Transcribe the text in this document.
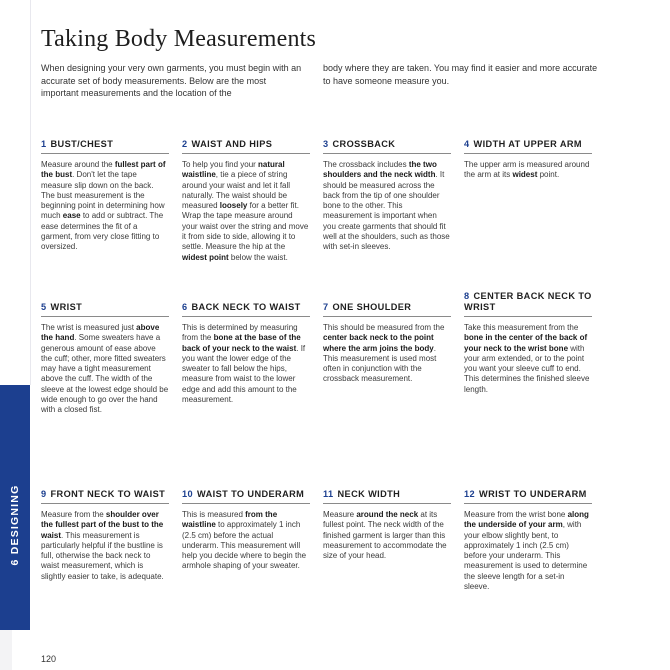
6 DESIGNING
Taking Body Measurements
When designing your very own garments, you must begin with an accurate set of body measurements. Below are the most important measurements and the location of the
body where they are taken. You may find it easier and more accurate to have someone measure you.
1 BUST/CHEST

Measure around the fullest part of the bust. Don't let the tape measure slip down on the back. The bust measurement is the beginning point in determining how much ease to add or subtract. The ease determines the fit of a garment, from very close fitting to oversized.

2 WAIST AND HIPS

To help you find your natural waistline, tie a piece of string around your waist and let it fall naturally. The waist should be measured loosely for a better fit. Wrap the tape measure around your waist over the string and move it from side to side, allowing it to settle. Measure the hip at the widest point below the waist.

3 CROSSBACK

The crossback includes the two shoulders and the neck width. It should be measured across the back from the tip of one shoulder bone to the other. This measurement is important when you create garments that should fit well at the shoulders, such as those with set-in sleeves.

4 WIDTH AT UPPER ARM

The upper arm is measured around the arm at its widest point.

5 WRIST

The wrist is measured just above the hand. Some sweaters have a generous amount of ease above the cuff; other, more fitted sweaters may have a tight measurement above the cuff. The width of the sleeve at the lowest edge should be wide enough to go over the hand with a closed fist.

6 BACK NECK TO WAIST

This is determined by measuring from the bone at the base of the back of your neck to the waist. If you want the lower edge of the sweater to fall below the hips, measure from waist to the lower edge and add this amount to the measurement.

7 ONE SHOULDER

This should be measured from the center back neck to the point where the arm joins the body. This measurement is used most often in conjunction with the crossback measurement.

8 CENTER BACK NECK TO WRIST

Take this measurement from the bone in the center of the back of your neck to the wrist bone with your arm extended, or to the point you want your sleeve cuff to end. This determines the finished sleeve length.

9 FRONT NECK TO WAIST

Measure from the shoulder over the fullest part of the bust to the waist. This measurement is particularly helpful if the bustline is full, otherwise the back neck to waist measurement, which is slightly easier to take, is adequate.

10 WAIST TO UNDERARM

This is measured from the waistline to approximately 1 inch (2.5 cm) before the actual underarm. This measurement will help you decide where to begin the armhole shaping of your sweater.

11 NECK WIDTH

Measure around the neck at its fullest point. The neck width of the finished garment is larger than this measurement to accommodate the size of your head.

12 WRIST TO UNDERARM

Measure from the wrist bone along the underside of your arm, with your elbow slightly bent, to approximately 1 inch (2.5 cm) before your underarm. This measurement is used to determine the sleeve length for a set-in sleeve.

120
